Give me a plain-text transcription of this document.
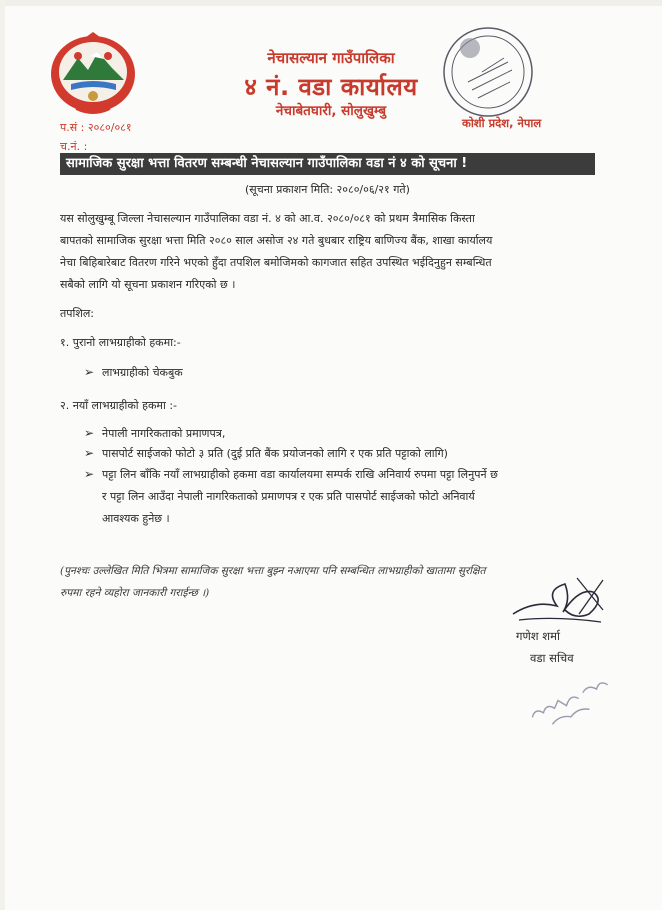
नेचासल्यान गाउँपालिका
४ नं. वडा कार्यालय
नेचाबेतघारी, सोलुखुम्बु
प.सं : २०८०/०८१
च.नं. :
कोशी प्रदेश, नेपाल
सामाजिक सुरक्षा भत्ता वितरण सम्बन्धी नेचासल्यान गाउँपालिका वडा नं ४ को सूचना !
(सूचना प्रकाशन मिति: २०८०/०६/२१ गते)
यस सोलुखुम्बू जिल्ला नेचासल्यान गाउँपालिका वडा नं. ४ को आ.व. २०८०/०८१ को प्रथम त्रैमासिक किस्ता
बापतको सामाजिक सुरक्षा भत्ता मिति २०८० साल असोज २४ गते बुधबार राष्ट्रिय बाणिज्य बैंक, शाखा कार्यालय
नेचा बिहिबारेबाट वितरण गरिने भएको हुँदा तपशिल बमोजिमको कागजात सहित उपस्थित भईदिनुहुन सम्बन्धित
सबैको लागि यो सूचना प्रकाशन गरिएको छ ।
तपशिल:
१. पुरानो लाभग्राहीको हकमा:-
➢ लाभग्राहीको चेकबुक
२. नयाँ लाभग्राहीको हकमा :-
➢ नेपाली नागरिकताको प्रमाणपत्र,
➢ पासपोर्ट साईजको फोटो ३ प्रति (दुई प्रति बैंक प्रयोजनको लागि र एक प्रति पट्टाको लागि)
➢ पट्टा लिन बाँकि नयाँ लाभग्राहीको हकमा वडा कार्यालयमा सम्पर्क राखि अनिवार्य रुपमा पट्टा लिनुपर्ने छ
र पट्टा लिन आउँदा नेपाली नागरिकताको प्रमाणपत्र र एक प्रति पासपोर्ट साईजको फोटो अनिवार्य
आवश्यक हुनेछ ।
(पुनश्चः उल्लेखित मिति भित्रमा सामाजिक सुरक्षा भत्ता बुझ्न नआएमा पनि सम्बन्धित लाभग्राहीको खातामा सुरक्षित
रुपमा रहने व्यहोरा जानकारी गराईन्छ ।)
गणेश शर्मा
वडा सचिव
